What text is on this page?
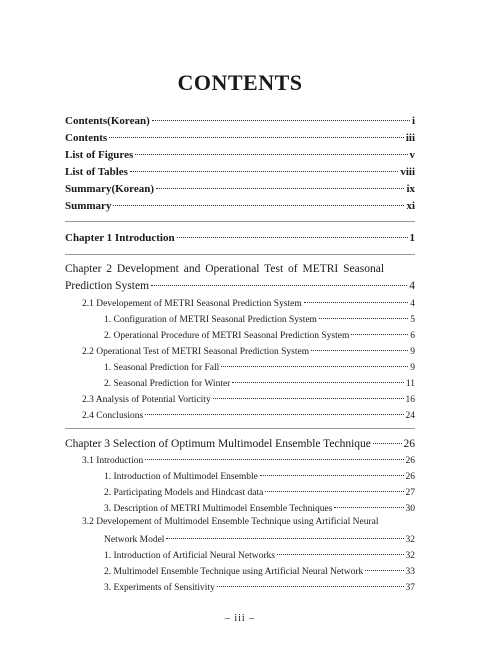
CONTENTS
Contents(Korean)	i
Contents	iii
List of Figures	v
List of Tables	viii
Summary(Korean)	ix
Summary	xi
Chapter 1 Introduction	1
Chapter 2 Development and Operational Test of METRI Seasonal
Prediction System	4
2.1 Developement of METRI Seasonal Prediction System	4
1. Configuration of METRI Seasonal Prediction System	5
2. Operational Procedure of METRI Seasonal Prediction System	6
2.2 Operational Test of METRI Seasonal Prediction System	9
1. Seasonal Prediction for Fall	9
2. Seasonal Prediction for Winter	11
2.3 Analysis of Potential Vorticity	16
2.4 Conclusions	24
Chapter 3 Selection of Optimum Multimodel Ensemble Technique	26
3.1 Introduction	26
1. Introduction of Multimodel Ensemble	26
2. Participating Models and Hindcast data	27
3. Description of METRI Multimodel Ensemble Techniques	30
3.2 Developement of Multimodel Ensemble Technique using Artificial Neural
Network Model	32
1. Introduction of Artificial Neural Networks	32
2. Multimodel Ensemble Technique using Artificial Neural Network	33
3. Experiments of Sensitivity	37
– iii –
